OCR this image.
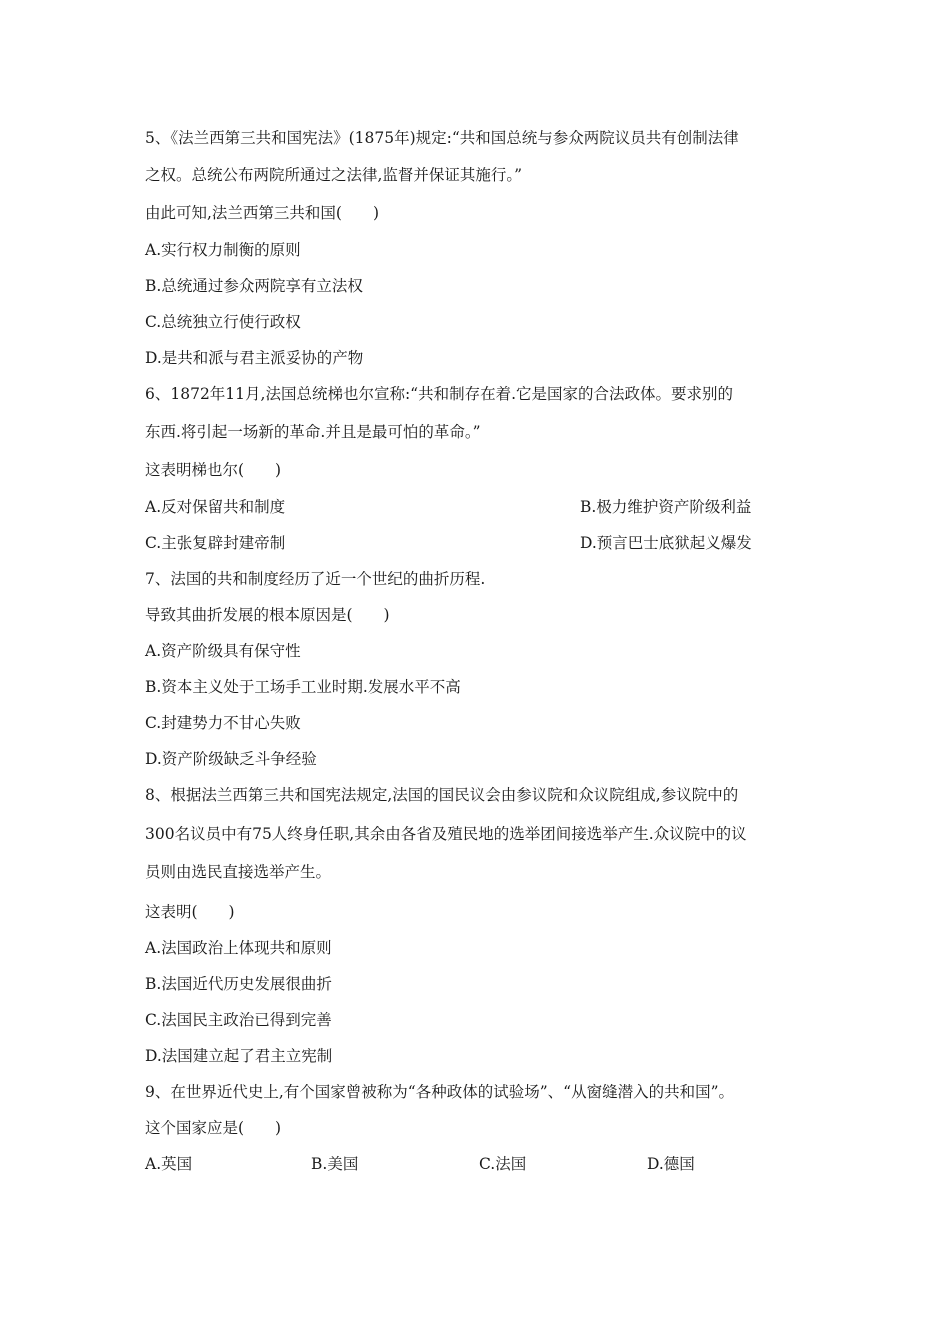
5、《法兰西第三共和国宪法》(1875年)规定:“共和国总统与参众两院议员共有创制法律
之权。总统公布两院所通过之法律,监督并保证其施行。”
由此可知,法兰西第三共和国(　　)
A.实行权力制衡的原则
B.总统通过参众两院享有立法权
C.总统独立行使行政权
D.是共和派与君主派妥协的产物
6、1872年11月,法国总统梯也尔宣称:“共和制存在着.它是国家的合法政体。要求别的
东西.将引起一场新的革命.并且是最可怕的革命。”
这表明梯也尔(　　)
A.反对保留共和制度	B.极力维护资产阶级利益
C.主张复辟封建帝制	D.预言巴士底狱起义爆发
7、法国的共和制度经历了近一个世纪的曲折历程.
导致其曲折发展的根本原因是(　　)
A.资产阶级具有保守性
B.资本主义处于工场手工业时期.发展水平不高
C.封建势力不甘心失败
D.资产阶级缺乏斗争经验
8、根据法兰西第三共和国宪法规定,法国的国民议会由参议院和众议院组成,参议院中的
300名议员中有75人终身任职,其余由各省及殖民地的选举团间接选举产生.众议院中的议
员则由选民直接选举产生。
这表明(　　)
A.法国政治上体现共和原则
B.法国近代历史发展很曲折
C.法国民主政治已得到完善
D.法国建立起了君主立宪制
9、在世界近代史上,有个国家曾被称为“各种政体的试验场”、“从窗缝潜入的共和国”。
这个国家应是(　　)
A.英国	B.美国	C.法国	D.德国
